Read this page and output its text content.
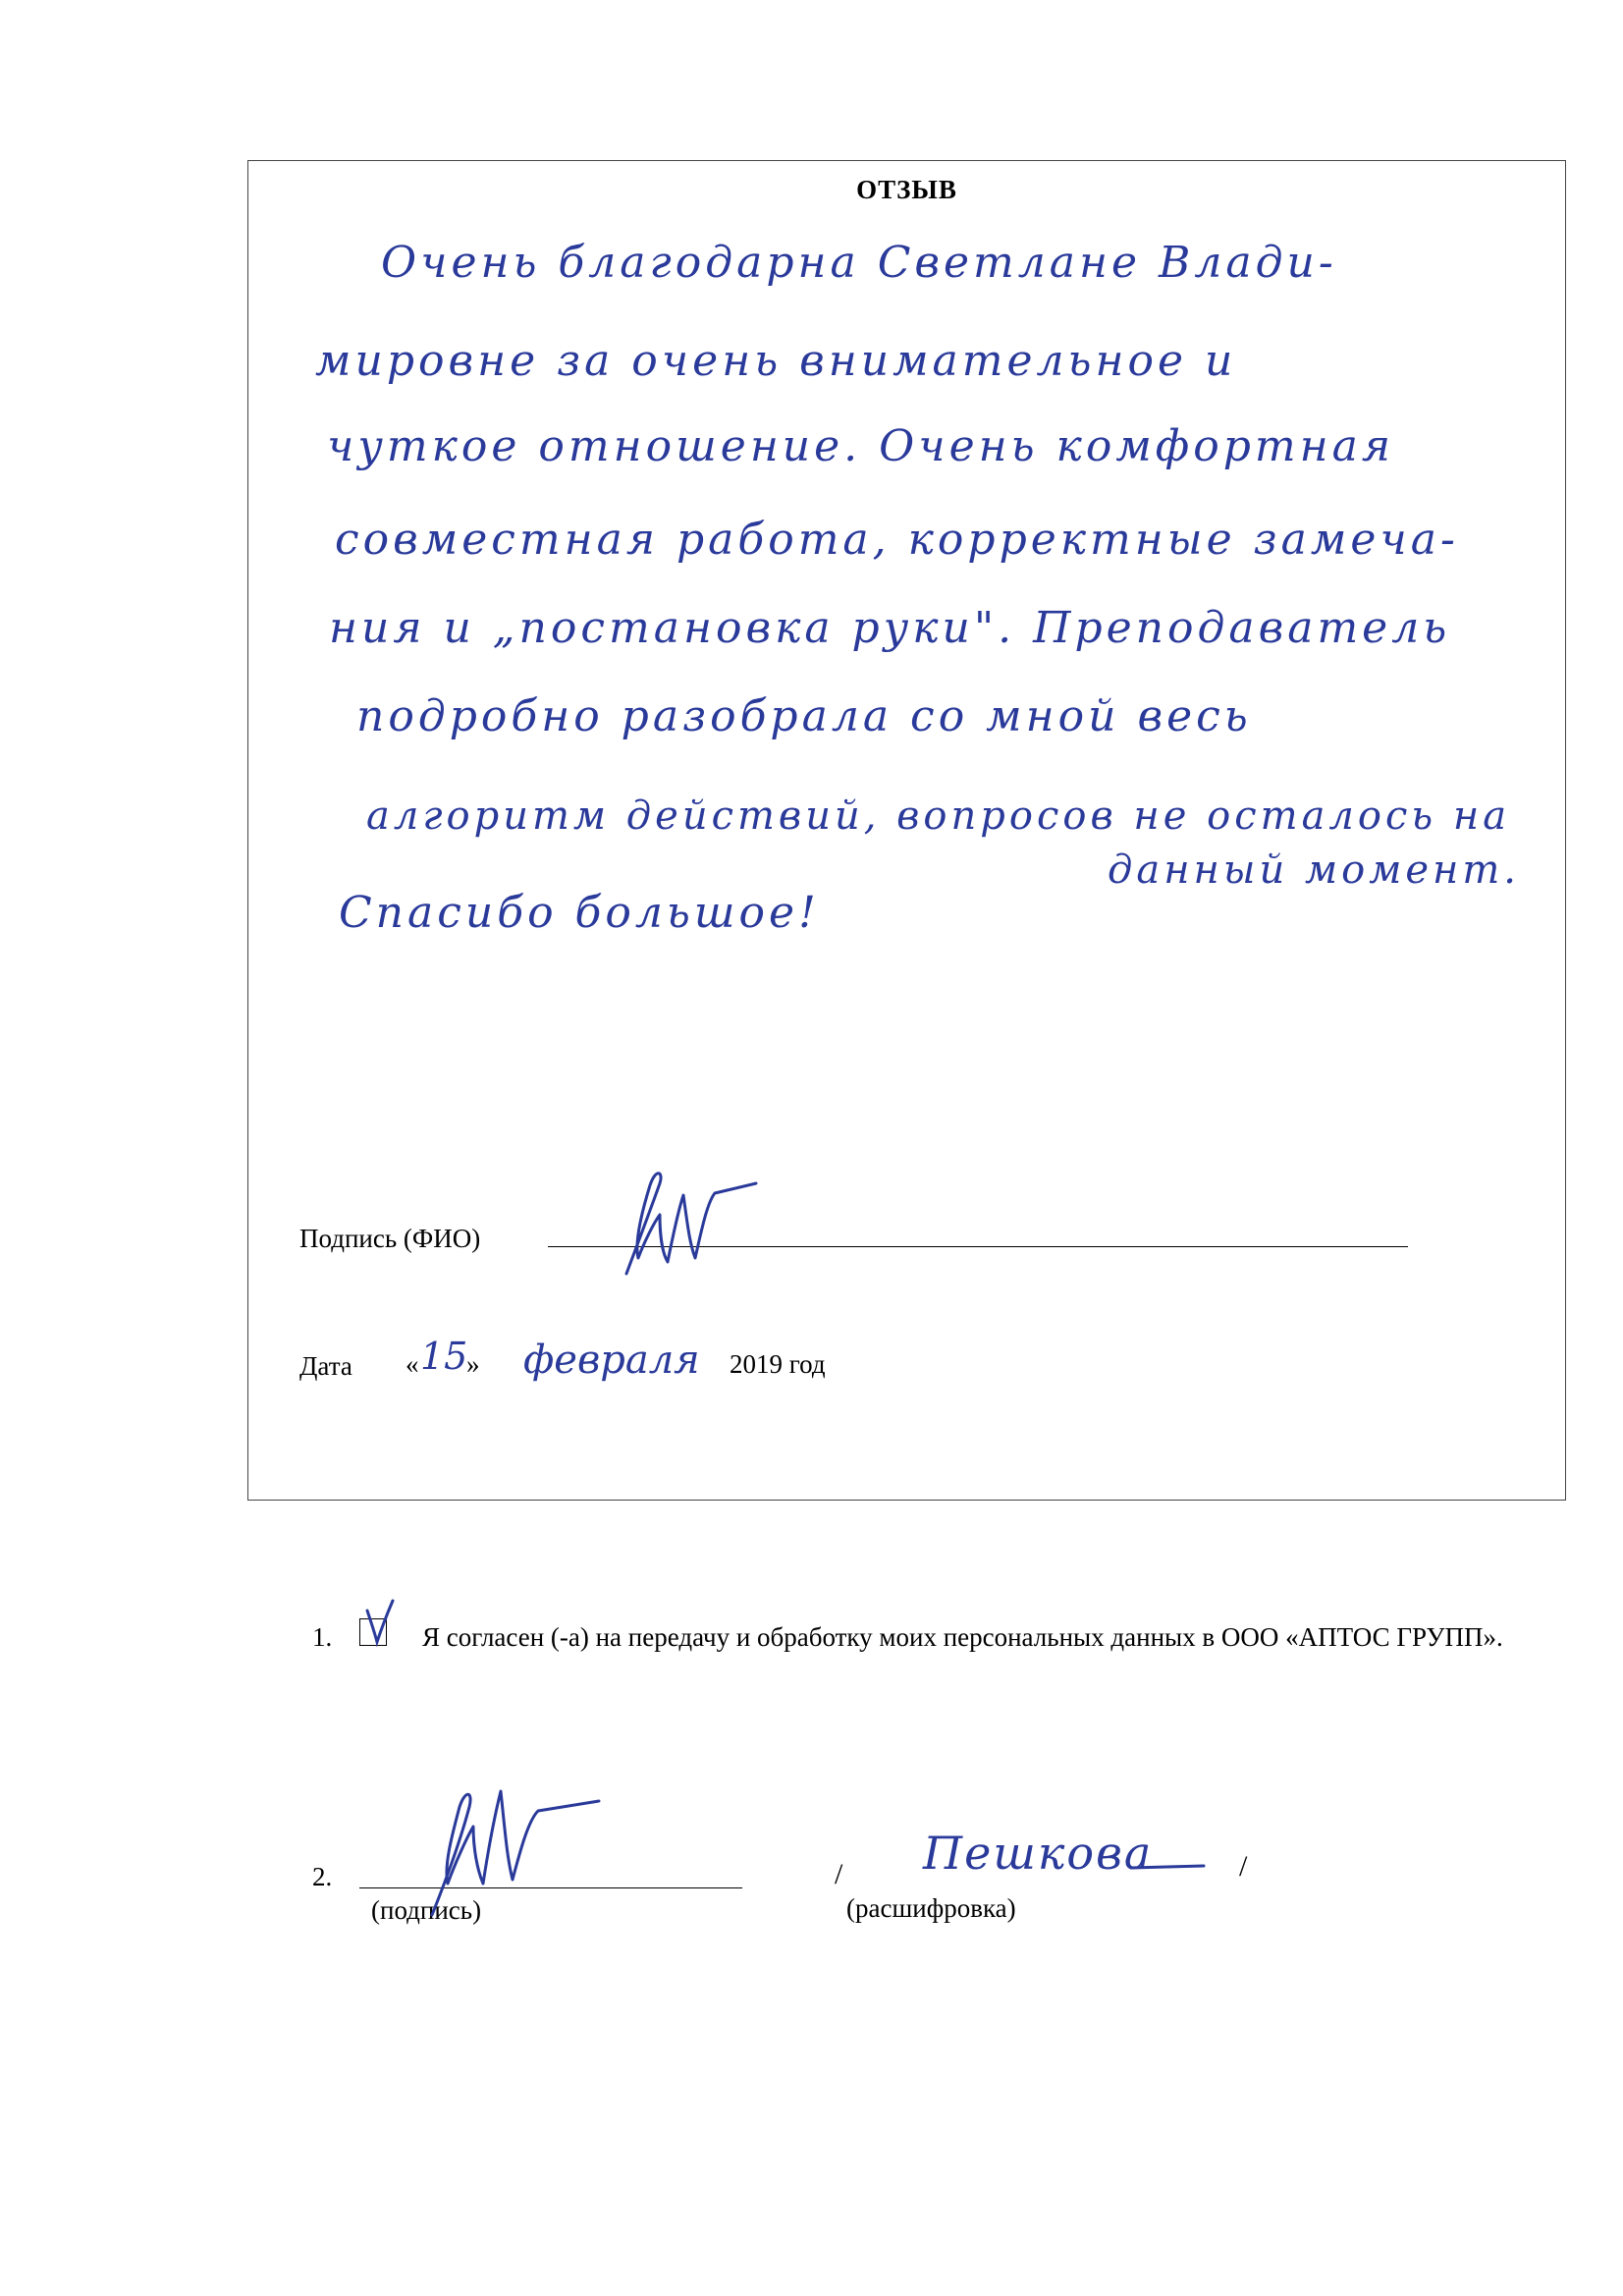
ОТЗЫВ
Очень благодарна Светлане Влади-
мировне за очень внимательное и
чуткое отношение. Очень комфортная
совместная работа, корректные замеча-
ния и „постановка руки". Преподаватель
подробно разобрала со мной весь
алгоритм действий, вопросов не осталось на
данный момент.
Спасибо большое!
Подпись (ФИО)
Дата « 15
» февраля 2019 год
1.	Я согласен (-а) на передачу и обработку моих персональных данных в ООО «АПТОС ГРУПП».
2.
(подпись)
/ Пешкова	/
(расшифровка)
